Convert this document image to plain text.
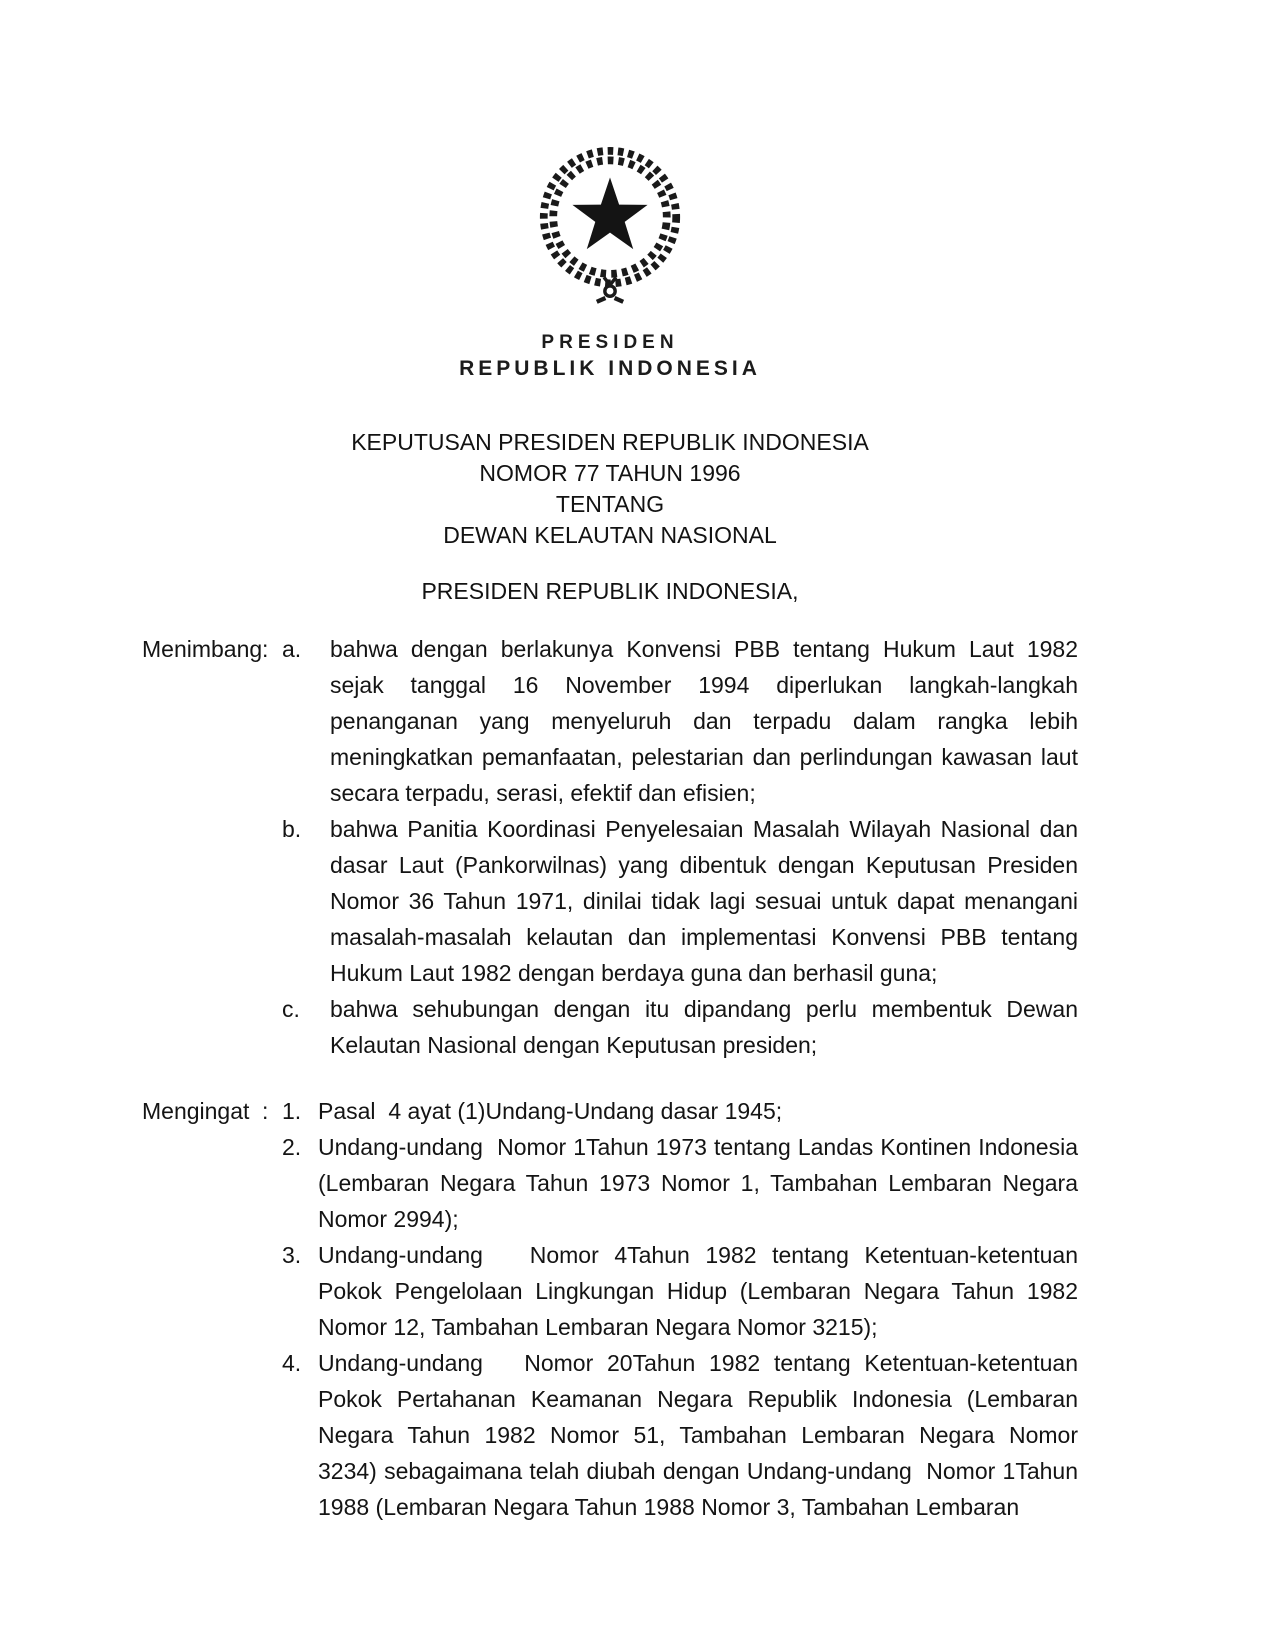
PRESIDEN
REPUBLIK INDONESIA
KEPUTUSAN PRESIDEN REPUBLIK INDONESIA
NOMOR 77 TAHUN 1996
TENTANG
DEWAN KELAUTAN NASIONAL
PRESIDEN REPUBLIK INDONESIA,
Menimbang : a.	bahwa dengan berlakunya Konvensi PBB tentang Hukum Laut 1982 sejak tanggal 16 November 1994 diperlukan langkah-langkah penanganan yang menyeluruh dan terpadu dalam rangka lebih meningkatkan pemanfaatan, pelestarian dan perlindungan kawasan laut secara terpadu, serasi, efektif dan efisien;
b.	bahwa Panitia Koordinasi Penyelesaian Masalah Wilayah Nasional dan dasar Laut (Pankorwilnas) yang dibentuk dengan Keputusan Presiden Nomor 36 Tahun 1971, dinilai tidak lagi sesuai untuk dapat menangani masalah-masalah kelautan dan implementasi Konvensi PBB tentang Hukum Laut 1982 dengan berdaya guna dan berhasil guna;
c.	bahwa sehubungan dengan itu dipandang perlu membentuk Dewan Kelautan Nasional dengan Keputusan presiden;
Mengingat : 1. Pasal  4 ayat (1)Undang-Undang dasar 1945;
2. Undang-undang  Nomor 1Tahun 1973 tentang Landas Kontinen Indonesia (Lembaran Negara Tahun 1973 Nomor 1, Tambahan Lembaran Negara Nomor 2994);
3. Undang-undang   Nomor 4Tahun 1982 tentang Ketentuan-ketentuan Pokok Pengelolaan Lingkungan Hidup (Lembaran Negara Tahun 1982 Nomor 12, Tambahan Lembaran Negara Nomor 3215);
4. Undang-undang   Nomor 20Tahun 1982 tentang Ketentuan-ketentuan Pokok Pertahanan Keamanan Negara Republik Indonesia (Lembaran Negara Tahun 1982 Nomor 51, Tambahan Lembaran Negara Nomor 3234) sebagaimana telah diubah dengan Undang-undang  Nomor 1Tahun 1988 (Lembaran Negara Tahun 1988 Nomor 3, Tambahan Lembaran
